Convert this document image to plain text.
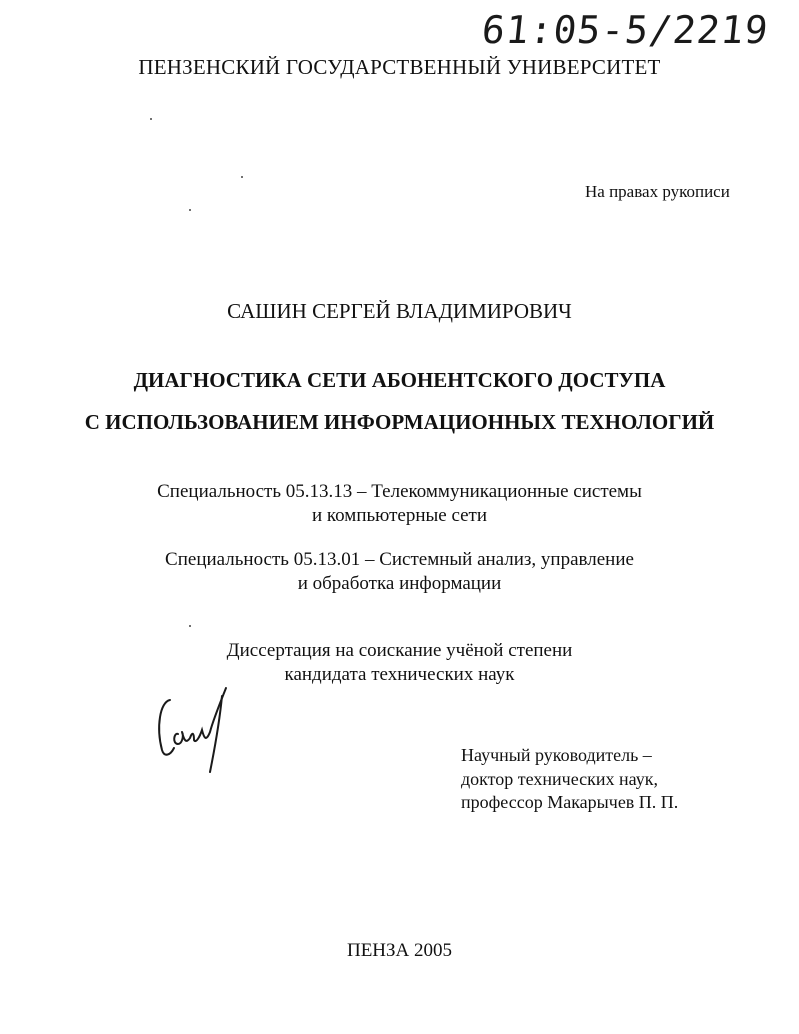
61:05-5/2219
ПЕНЗЕНСКИЙ ГОСУДАРСТВЕННЫЙ УНИВЕРСИТЕТ
На правах рукописи
САШИН СЕРГЕЙ ВЛАДИМИРОВИЧ
ДИАГНОСТИКА СЕТИ АБОНЕНТСКОГО ДОСТУПА
С ИСПОЛЬЗОВАНИЕМ ИНФОРМАЦИОННЫХ ТЕХНОЛОГИЙ
Специальность 05.13.13 – Телекоммуникационные системы
и компьютерные сети
Специальность 05.13.01 – Системный анализ, управление
и обработка информации
Диссертация на соискание учёной степени
кандидата технических наук
Научный руководитель –
доктор технических наук,
профессор Макарычев П. П.
ПЕНЗА 2005
